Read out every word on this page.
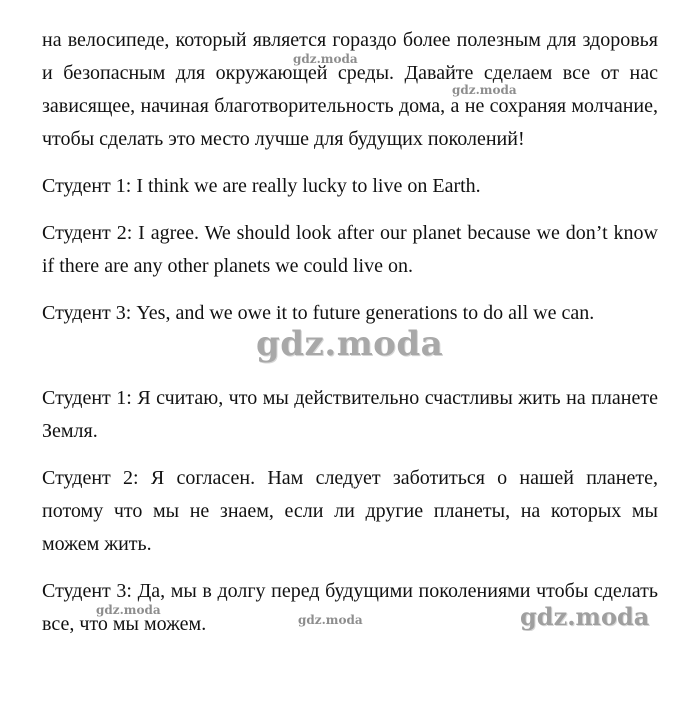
на велосипеде, который является гораздо более полезным для здоровья и безопасным для окружающей среды. Давайте сделаем все от нас зависящее, начиная благотворительность дома, а не сохраняя молчание, чтобы сделать это место лучше для будущих поколений!

Студент 1: I think we are really lucky to live on Earth.

Студент 2: I agree. We should look after our planet because we don’t know if there are any other planets we could live on.

Студент 3: Yes, and we owe it to future generations to do all we can.

Студент 1: Я считаю, что мы действительно счастливы жить на планете Земля.

Студент 2: Я согласен. Нам следует заботиться о нашей планете, потому что мы не знаем, если ли другие планеты, на которых мы можем жить.

Студент 3: Да, мы в долгу перед будущими поколениями чтобы сделать все, что мы можем.

gdz.moda
gdz.moda
gdz.moda
gdz.moda
gdz.moda	gdz.moda
